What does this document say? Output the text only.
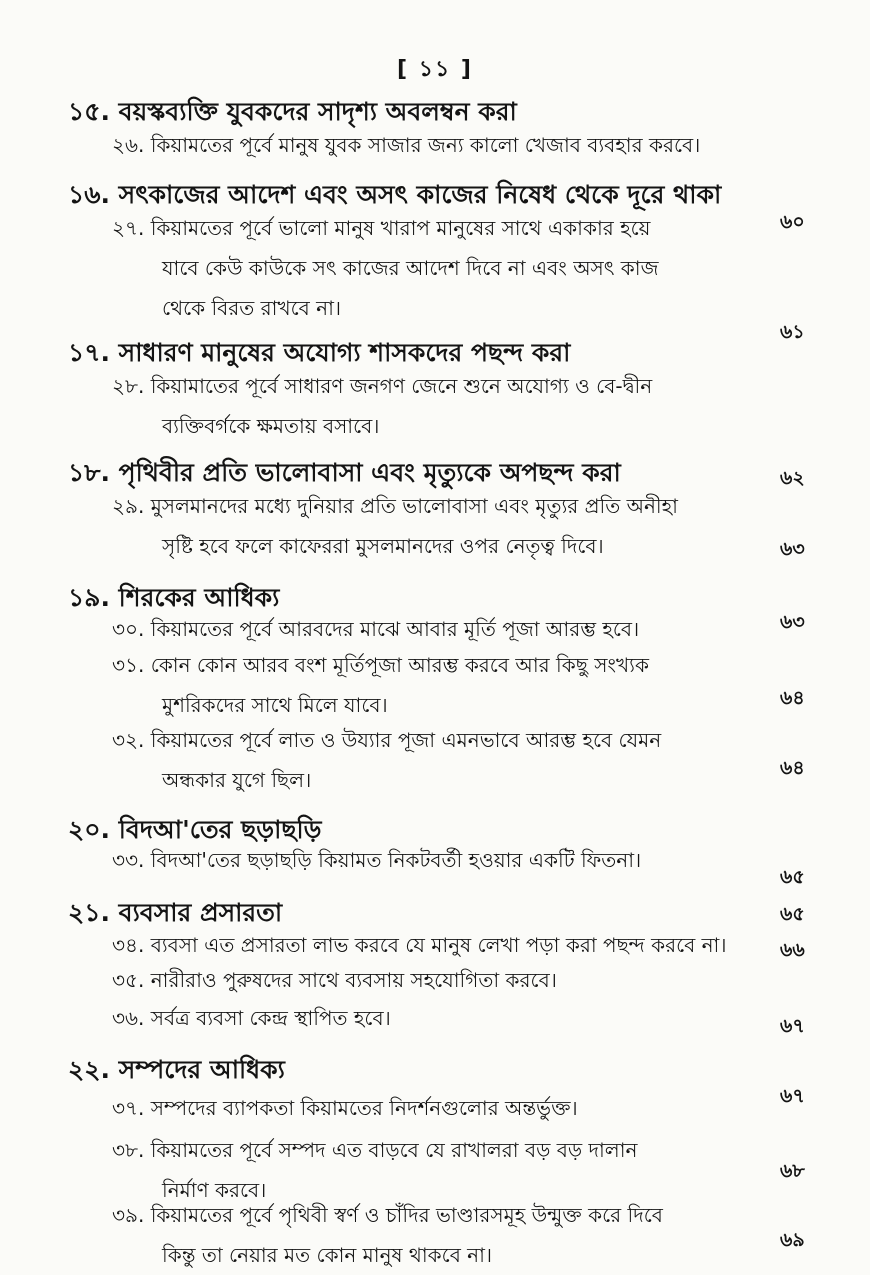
[ ১১ ]
১৫. বয়স্কব্যক্তি যুবকদের সাদৃশ্য অবলম্বন করা
২৬. কিয়ামতের পূর্বে মানুষ যুবক সাজার জন্য কালো খেজাব ব্যবহার করবে।
১৬. সৎকাজের আদেশ এবং অসৎ কাজের নিষেধ থেকে দূরে থাকা
২৭. কিয়ামতের পূর্বে ভালো মানুষ খারাপ মানুষের সাথে একাকার হয়ে
যাবে কেউ কাউকে সৎ কাজের আদেশ দিবে না এবং অসৎ কাজ
থেকে বিরত রাখবে না।
১৭. সাধারণ মানুষের অযোগ্য শাসকদের পছন্দ করা
২৮. কিয়ামাতের পূর্বে সাধারণ জনগণ জেনে শুনে অযোগ্য ও বে-দ্বীন
ব্যক্তিবর্গকে ক্ষমতায় বসাবে।
১৮. পৃথিবীর প্রতি ভালোবাসা এবং মৃত্যুকে অপছন্দ করা
২৯. মুসলমানদের মধ্যে দুনিয়ার প্রতি ভালোবাসা এবং মৃত্যুর প্রতি অনীহা
সৃষ্টি হবে ফলে কাফেররা মুসলমানদের ওপর নেতৃত্ব দিবে।
১৯. শিরকের আধিক্য
৩০. কিয়ামতের পূর্বে আরবদের মাঝে আবার মূর্তি পূজা আরম্ভ হবে।
৩১. কোন কোন আরব বংশ মূর্তিপূজা আরম্ভ করবে আর কিছু সংখ্যক
মুশরিকদের সাথে মিলে যাবে।
৩২. কিয়ামতের পূর্বে লাত ও উয্যার পূজা এমনভাবে আরম্ভ হবে যেমন
অন্ধকার যুগে ছিল।
২০. বিদআ'তের ছড়াছড়ি
৩৩. বিদআ'তের ছড়াছড়ি কিয়ামত নিকটবর্তী হওয়ার একটি ফিতনা।
২১. ব্যবসার প্রসারতা
৩৪. ব্যবসা এত প্রসারতা লাভ করবে যে মানুষ লেখা পড়া করা পছন্দ করবে না।
৩৫. নারীরাও পুরুষদের সাথে ব্যবসায় সহযোগিতা করবে।
৩৬. সর্বত্র ব্যবসা কেন্দ্র স্থাপিত হবে।
২২. সম্পদের আধিক্য
৩৭. সম্পদের ব্যাপকতা কিয়ামতের নিদর্শনগুলোর অন্তর্ভুক্ত।
৩৮. কিয়ামতের পূর্বে সম্পদ এত বাড়বে যে রাখালরা বড় বড় দালান
নির্মাণ করবে।
৩৯. কিয়ামতের পূর্বে পৃথিবী স্বর্ণ ও চাঁদির ভাণ্ডারসমূহ উন্মুক্ত করে দিবে
কিন্তু তা নেয়ার মত কোন মানুষ থাকবে না।
৬০
৬১
৬২
৬৩
৬৩
৬৪
৬৪
৬৫
৬৫
৬৬
৬৭
৬৭
৬৮
৬৯
